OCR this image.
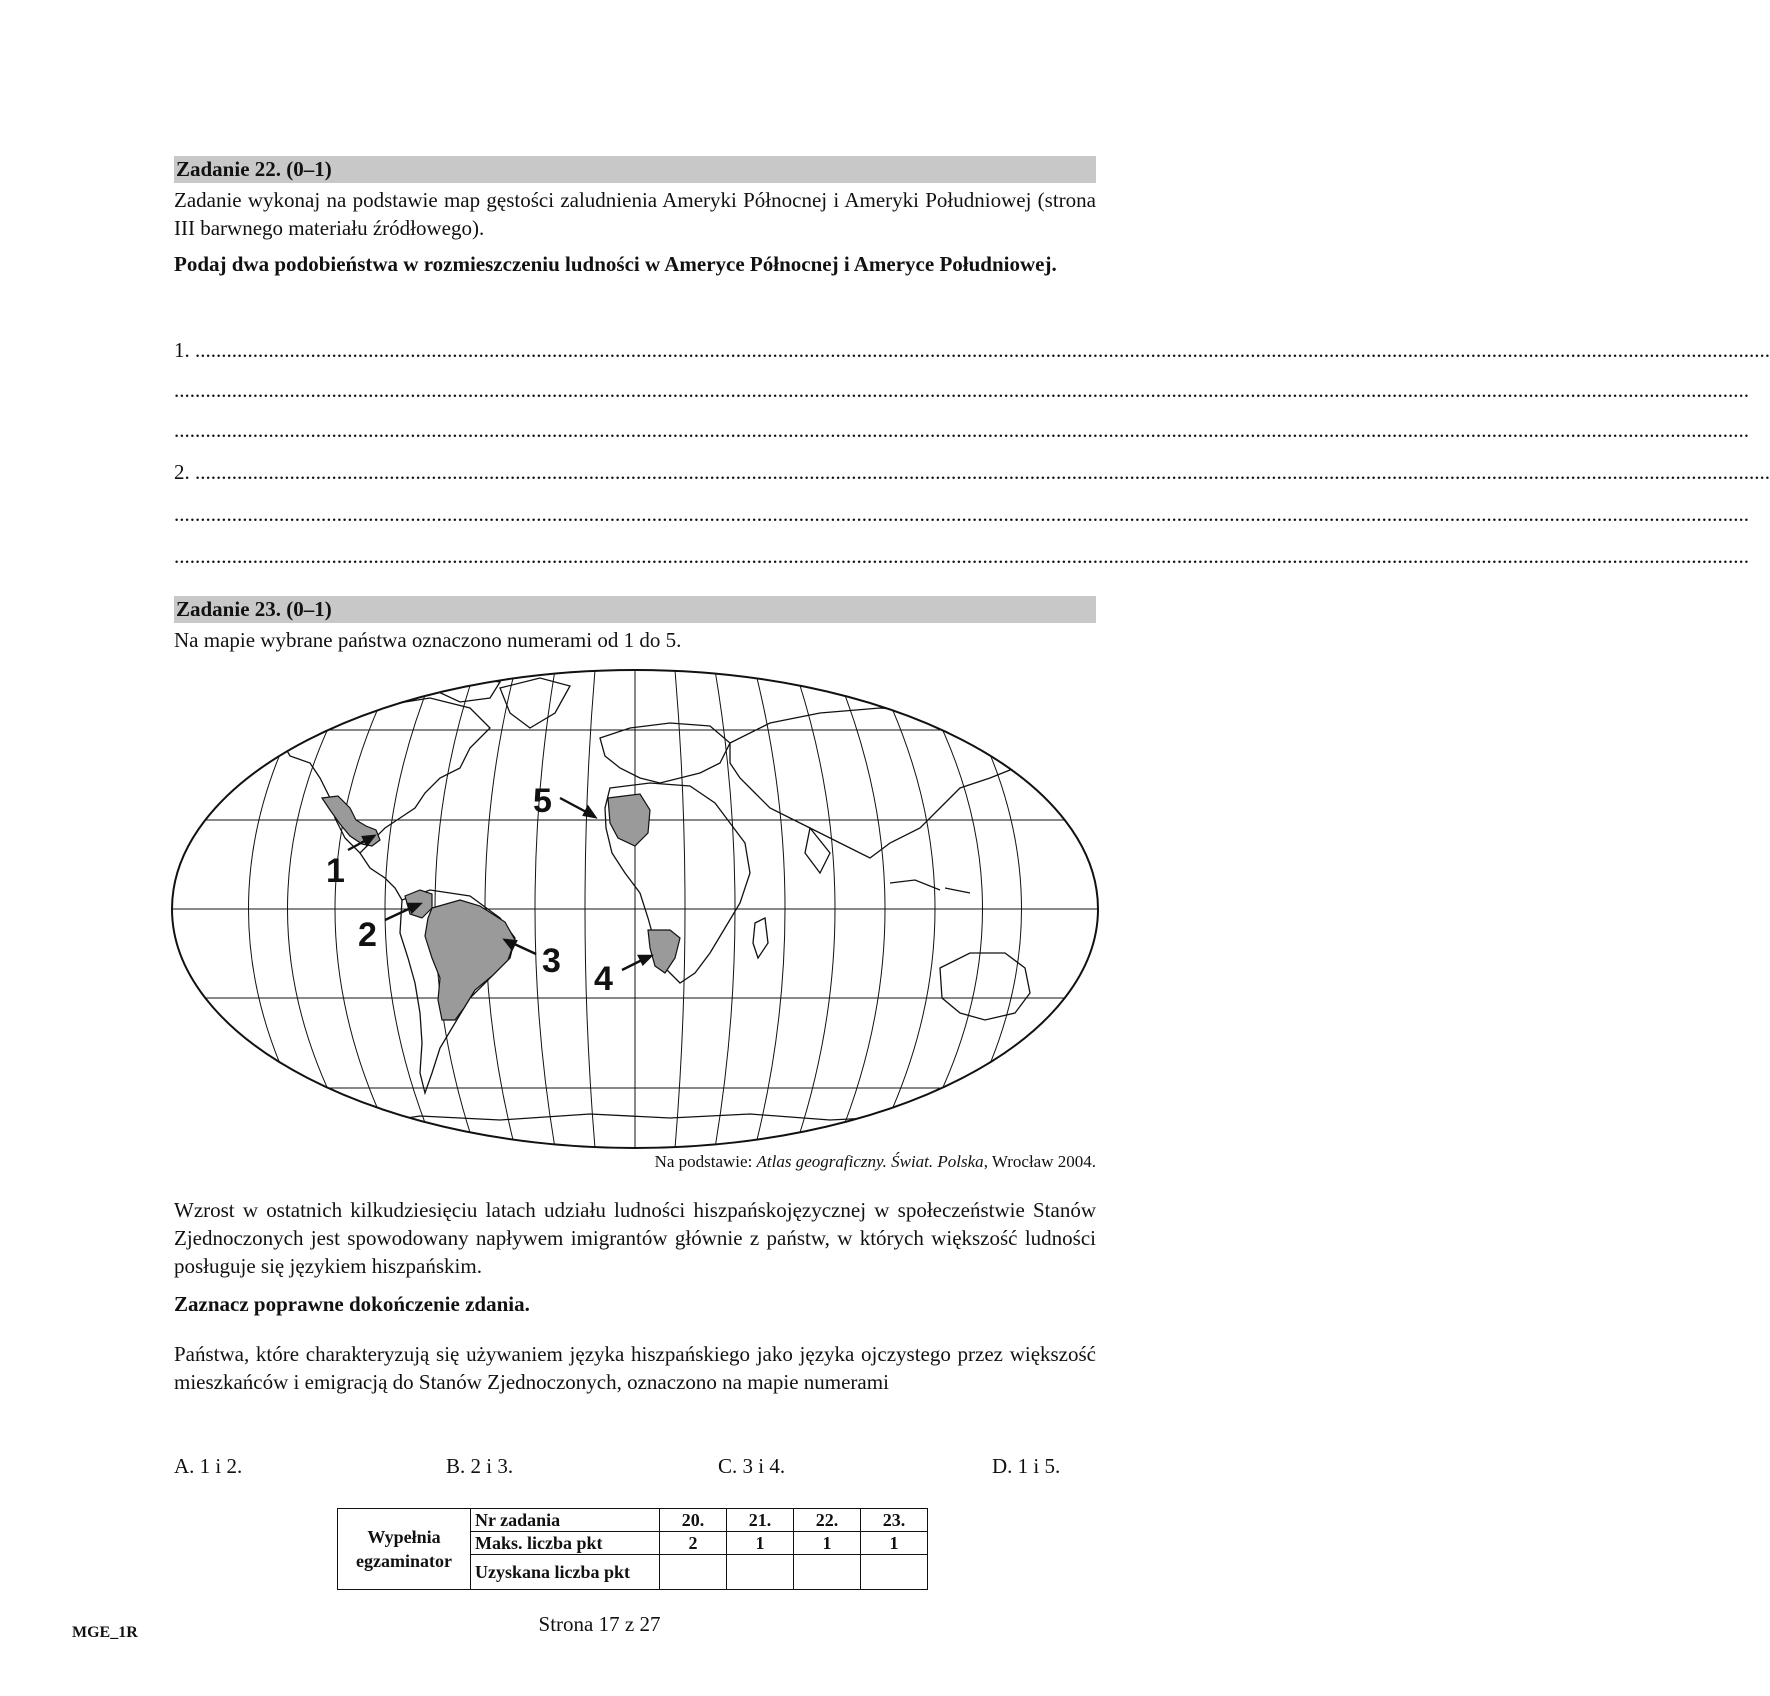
Zadanie 22. (0–1)
Zadanie wykonaj na podstawie map gęstości zaludnienia Ameryki Północnej i Ameryki Południowej (strona III barwnego materiału źródłowego).
Podaj dwa podobieństwa w rozmieszczeniu ludności w Ameryce Północnej i Ameryce Południowej.
1. ............................................................................................................................................................................................................................................................................................................
............................................................................................................................................................................................................................................................................................................
............................................................................................................................................................................................................................................................................................................
2. ............................................................................................................................................................................................................................................................................................................
............................................................................................................................................................................................................................................................................................................
............................................................................................................................................................................................................................................................................................................
Zadanie 23. (0–1)
Na mapie wybrane państwa oznaczono numerami od 1 do 5.
1
2
3 4
5
Na podstawie: Atlas geograficzny. Świat. Polska, Wrocław 2004.
Wzrost w ostatnich kilkudziesięciu latach udziału ludności hiszpańskojęzycznej w społeczeństwie Stanów Zjednoczonych jest spowodowany napływem imigrantów głównie z państw, w których większość ludności posługuje się językiem hiszpańskim.
Zaznacz poprawne dokończenie zdania.
Państwa, które charakteryzują się używaniem języka hiszpańskiego jako języka ojczystego przez większość mieszkańców i emigracją do Stanów Zjednoczonych, oznaczono na mapie numerami
A. 1 i 2.	B. 2 i 3.	C. 3 i 4.	D. 1 i 5.
Wypełnia
egzaminator	Nr zadania	20.	21.	22.	23.
	Maks. liczba pkt	2	1	1	1
	Uzyskana liczba pkt				
MGE_1R	Strona 17 z 27
